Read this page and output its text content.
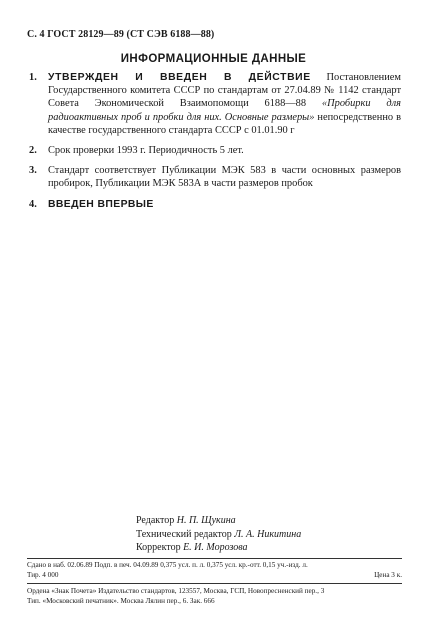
С. 4 ГОСТ 28129—89 (СТ СЭВ 6188—88)
ИНФОРМАЦИОННЫЕ ДАННЫЕ
1.	УТВЕРЖДЕН И ВВЕДЕН В ДЕЙСТВИЕ Постановлением Государственного комитета СССР по стандартам от 27.04.89 № 1142 стандарт Совета Экономической Взаимопомощи 6188—88 «Пробирки для радиоактивных проб и пробки для них. Основные размеры» непосредственно в качестве государственного стандарта СССР с 01.01.90 г
2.	Срок проверки 1993 г. Периодичность 5 лет.
3.	Стандарт соответствует Публикации МЭК 583 в части основных размеров пробирок, Публикации МЭК 583А в части размеров пробок
4.	ВВЕДЕН ВПЕРВЫЕ
Редактор Н. П. Щукина
Технический редактор Л. А. Никитина
Корректор Е. И. Морозова
Сдано в наб. 02.06.89 Подп. в печ. 04.09.89 0,375 усл. п. л. 0,375 усл. кр.-отт. 0,15 уч.-изд. л.
Тир. 4 000	Цена 3 к.
Ордена «Знак Почета» Издательство стандартов, 123557, Москва, ГСП, Новопресненский пер., 3
Тип. «Московский печатник». Москва Лялин пер., 6. Зак. 666
